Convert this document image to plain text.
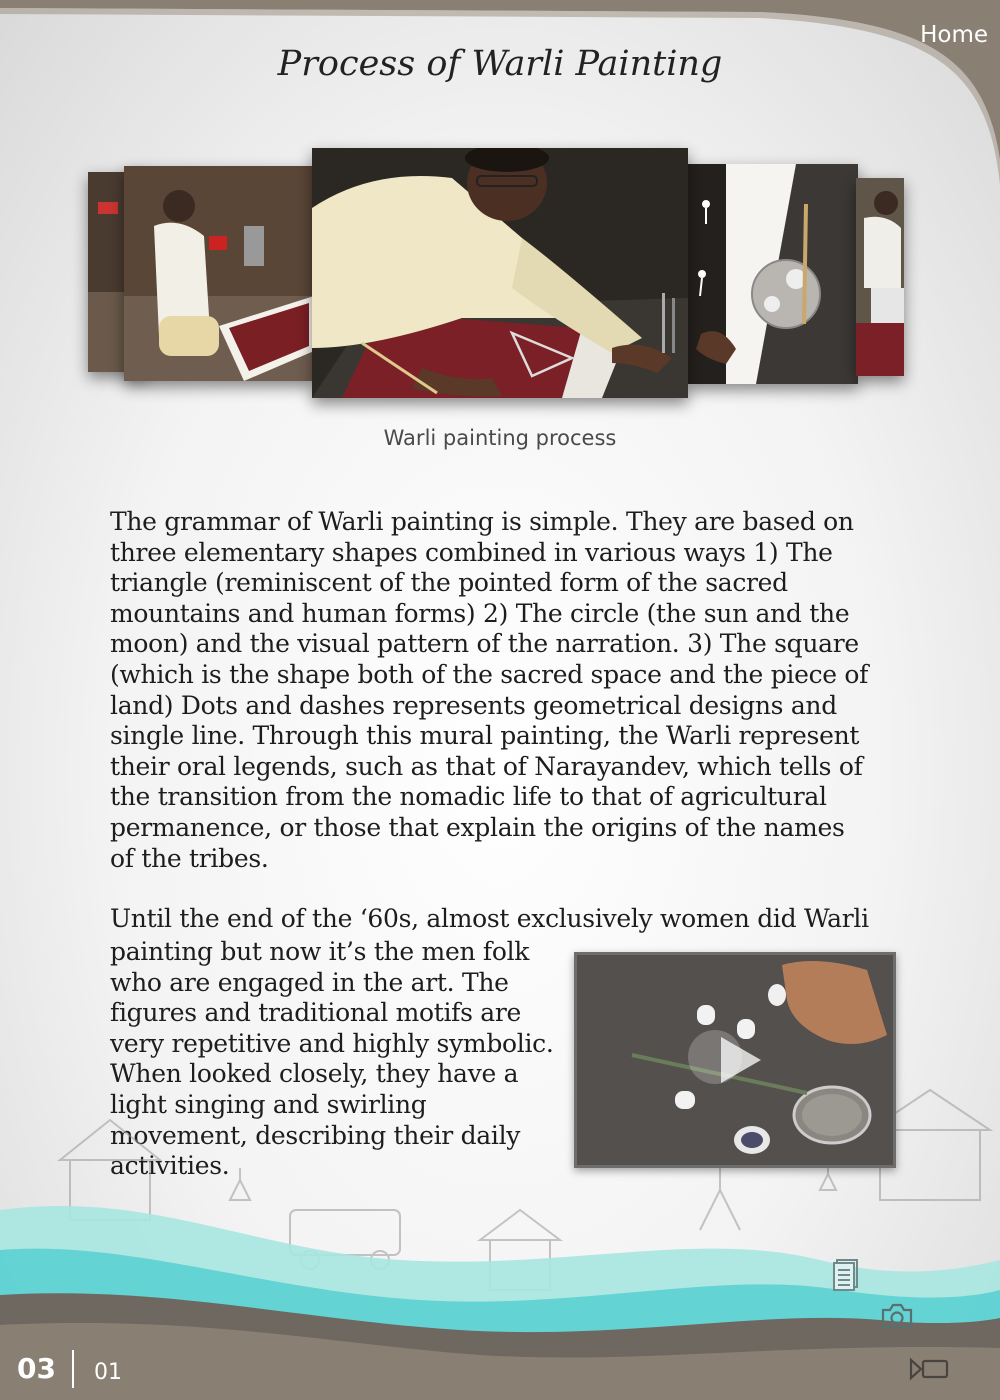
Home
Process of Warli Painting
Warli painting process

The grammar of Warli painting is simple. They are based on three elementary shapes combined in various ways 1) The triangle (reminiscent of the pointed form of the sacred mountains and human forms) 2) The circle (the sun and the moon) and the visual pattern of the narration. 3) The square (which is the shape both of the sacred space and the piece of land) Dots and dashes represents geometrical designs and single line. Through this mural painting, the Warli represent their oral legends, such as that of Narayandev, which tells of the transition from the nomadic life to that of agricultural permanence, or those that explain the origins of the names of the tribes.

Until the end of the ‘60s, almost exclusively women did Warli

painting but now it’s the men folk who are engaged in the art. The figures and traditional motifs are very repetitive and highly symbolic. When looked closely, they have a light singing and swirling movement, describing their daily activities.

03 01
